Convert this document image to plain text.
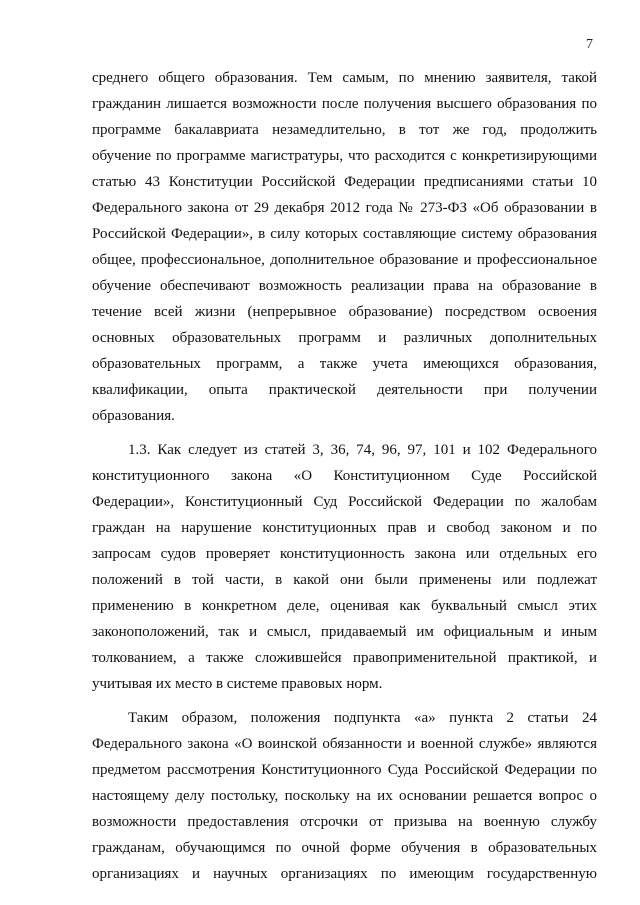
7
среднего общего образования. Тем самым, по мнению заявителя, такой
гражданин лишается возможности после получения высшего образования по
программе бакалавриата незамедлительно, в тот же год, продолжить
обучение по программе магистратуры, что расходится с конкретизирующими
статью 43 Конституции Российской Федерации предписаниями статьи 10
Федерального закона от 29 декабря 2012 года № 273-ФЗ «Об образовании в
Российской Федерации», в силу которых составляющие систему образования
общее, профессиональное, дополнительное образование и профессиональное
обучение обеспечивают возможность реализации права на образование в
течение всей жизни (непрерывное образование) посредством освоения
основных образовательных программ и различных дополнительных
образовательных программ, а также учета имеющихся образования,
квалификации, опыта практической деятельности при получении
образования.
1.3. Как следует из статей 3, 36, 74, 96, 97, 101 и 102 Федерального
конституционного закона «О Конституционном Суде Российской
Федерации», Конституционный Суд Российской Федерации по жалобам
граждан на нарушение конституционных прав и свобод законом и по
запросам судов проверяет конституционность закона или отдельных его
положений в той части, в какой они были применены или подлежат
применению в конкретном деле, оценивая как буквальный смысл этих
законоположений, так и смысл, придаваемый им официальным и иным
толкованием, а также сложившейся правоприменительной практикой, и
учитывая их место в системе правовых норм.
Таким образом, положения подпункта «а» пункта 2 статьи 24
Федерального закона «О воинской обязанности и военной службе» являются
предметом рассмотрения Конституционного Суда Российской Федерации по
настоящему делу постольку, поскольку на их основании решается вопрос о
возможности предоставления отсрочки от призыва на военную службу
гражданам, обучающимся по очной форме обучения в образовательных
организациях и научных организациях по имеющим государственную
